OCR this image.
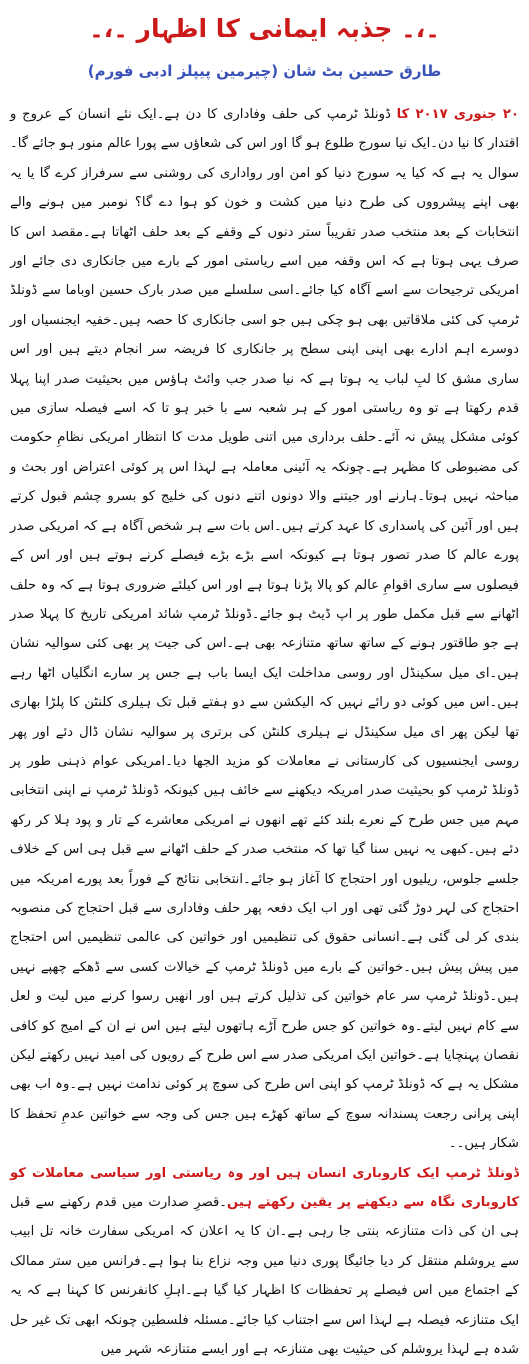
۔،۔ جذبہ ایمانی کا اظہار ۔،۔
طارق حسین بٹ شان (چیرمین پیپلز ادبی فورم)

۲۰ جنوری ۲۰۱۷ کا ڈونلڈ ٹرمپ کی حلف وفاداری کا دن ہے۔ایک نئے انسان کے عروج و اقتدار کا نیا دن۔ایک نیا سورج طلوع ہو گا اور اس کی شعاؤں سے پورا عالم منور ہو جائے گا۔سوال یہ ہے کہ کیا یہ سورج دنیا کو امن اور رواداری کی روشنی سے سرفراز کرے گا یا یہ بھی اپنے پیشرووں کی طرح دنیا میں کشت و خون کو ہوا دے گا؟ نومبر میں ہونے والے انتخابات کے بعد منتخب صدر تقریباً ستر دنوں کے وقفے کے بعد حلف اٹھاتا ہے۔مقصد اس کا صرف یہی ہوتا ہے کہ اس وقفہ میں اسے ریاستی امور کے بارے میں جانکاری دی جائے اور امریکی ترجیحات سے اسے آگاہ کیا جائے۔اسی سلسلے میں صدر بارک حسین اوباما سے ڈونلڈ ٹرمپ کی کئی ملاقاتیں بھی ہو چکی ہیں جو اسی جانکاری کا حصہ ہیں۔خفیہ ایجنسیاں اور دوسرے اہم ادارے بھی اپنی اپنی سطح پر جانکاری کا فریضہ سر انجام دیتے ہیں اور اس ساری مشق کا لبِ لباب یہ ہوتا ہے کہ نیا صدر جب وائٹ ہاؤس میں بحیثیت صدر اپنا پہلا قدم رکھتا ہے تو وہ ریاستی امور کے ہر شعبہ سے با خبر ہو تا کہ اسے فیصلہ سازی میں کوئی مشکل پیش نہ آئے۔حلف برداری میں اتنی طویل مدت کا انتظار امریکی نظامِ حکومت کی مضبوطی کا مظہر ہے۔چونکہ یہ آئینی معاملہ ہے لہذا اس پر کوئی اعتراض اور بحث و مباحثہ نہیں ہوتا۔ہارنے اور جیتنے والا دونوں اتنے دنوں کی خلیج کو بسرو چشم قبول کرتے ہیں اور آئین کی پاسداری کا عہد کرتے ہیں۔اس بات سے ہر شخص آگاہ ہے کہ امریکی صدر پورے عالم کا صدر تصور ہوتا ہے کیونکہ اسے بڑے بڑے فیصلے کرنے ہوتے ہیں اور اس کے فیصلوں سے ساری اقوامِ عالم کو پالا پڑنا ہوتا ہے اور اس کیلئے ضروری ہوتا ہے کہ وہ حلف اٹھانے سے قبل مکمل طور پر اپ ڈیٹ ہو جائے۔ڈونلڈ ٹرمپ شائد امریکی تاریخ کا پہلا صدر ہے جو طاقتور ہونے کے ساتھ ساتھ متنازعہ بھی ہے۔اس کی جیت پر بھی کئی سوالیہ نشان ہیں۔ای میل سکینڈل اور روسی مداخلت ایک ایسا باب ہے جس پر سارے انگلیاں اٹھا رہے ہیں۔اس میں کوئی دو رائے نہیں کہ الیکشن سے دو ہفتے قبل تک ہیلری کلنٹن کا پلڑا بھاری تھا لیکن پھر ای میل سکینڈل نے ہیلری کلنٹن کی برتری پر سوالیہ نشان ڈال دئے اور پھر روسی ایجنسیوں کی کارستانی نے معاملات کو مزید الجھا دیا۔امریکی عوام ذہنی طور پر ڈونلڈ ٹرمپ کو بحیثیت صدر امریکہ دیکھنے سے خائف ہیں کیونکہ ڈونلڈ ٹرمپ نے اپنی انتخابی مہم میں جس طرح کے نعرے بلند کئے تھے انھوں نے امریکی معاشرے کے تار و پود ہلا کر رکھ دئے ہیں۔کبھی یہ نہیں سنا گیا تھا کہ منتخب صدر کے حلف اٹھانے سے قبل ہی اس کے خلاف جلسے جلوس، ریلیوں اور احتجاج کا آغاز ہو جائے۔انتخابی نتائج کے فوراً بعد پورے امریکہ میں احتجاج کی لہر دوڑ گئی تھی اور اب ایک دفعہ پھر حلف وفاداری سے قبل احتجاج کی منصوبہ بندی کر لی گئی ہے۔انسانی حقوق کی تنظیمیں اور خواتین کی عالمی تنظیمیں اس احتجاج میں پیش پیش ہیں۔خواتین کے بارے میں ڈونلڈ ٹرمپ کے خیالات کسی سے ڈھکے چھپے نہیں ہیں۔ڈونلڈ ٹرمپ سر عام خواتین کی تذلیل کرتے ہیں اور انھیں رسوا کرنے میں لیت و لعل سے کام نہیں لیتے۔وہ خواتین کو جس طرح آڑے ہاتھوں لیتے ہیں اس نے ان کے امیج کو کافی نقصان پہنچایا ہے۔خواتین ایک امریکی صدر سے اس طرح کے رویوں کی امید نہیں رکھتے لیکن مشکل یہ ہے کہ ڈونلڈ ٹرمپ کو اپنی اس طرح کی سوچ پر کوئی ندامت نہیں ہے۔وہ اب بھی اپنی پرانی رجعت پسندانہ سوچ کے ساتھ کھڑے ہیں جس کی وجہ سے خواتین عدمِ تحفظ کا شکار ہیں۔۔

ڈونلڈ ٹرمپ ایک کاروباری انسان ہیں اور وہ ریاستی اور سیاسی معاملات کو کاروباری نگاہ سے دیکھنے پر یقین رکھتے ہیں۔قصرِ صدارت میں قدم رکھنے سے قبل ہی ان کی ذات متنازعہ بنتی جا رہی ہے۔ان کا یہ اعلان کہ امریکی سفارت خانہ تل ابیب سے یروشلم منتقل کر دیا جائیگا پوری دنیا میں وجہ نزاع بنا ہوا ہے۔فرانس میں ستر ممالک کے اجتماع میں اس فیصلے پر تحفظات کا اظہار کیا گیا ہے۔اہلِ کانفرنس کا کہنا ہے کہ یہ ایک متنازعہ فیصلہ ہے لہذا اس سے اجتناب کیا جائے۔مسئلہ فلسطین چونکہ ابھی تک غیر حل شدہ ہے لہذا یروشلم کی حیثیت بھی متنازعہ ہے اور ایسے متنازعہ شہر میں
